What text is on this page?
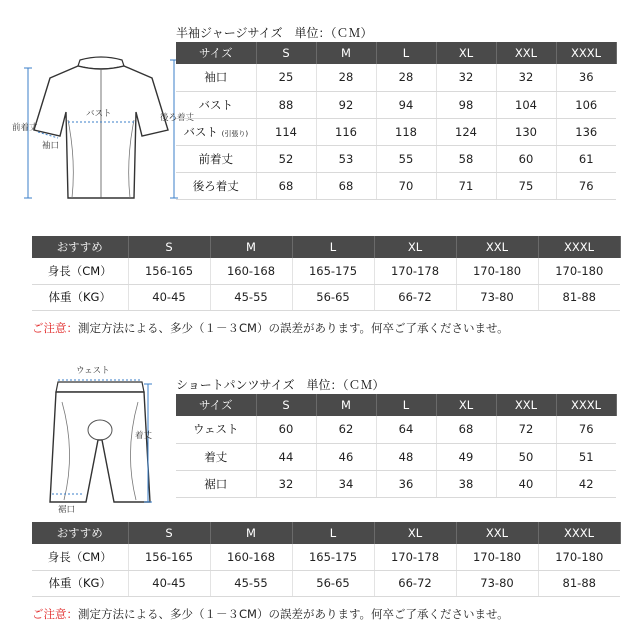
バスト
袖口
前着丈
後ろ着丈
半袖ジャージサイズ　単位：（ＣＭ）
サイズ	S	M	L	XL	XXL	XXXL
袖口	25	28	28	32	32	36
バスト	88	92	94	98	104	106
バスト (引張り)	114	116	118	124	130	136
前着丈	52	53	55	58	60	61
後ろ着丈	68	68	70	71	75	76
おすすめ	S	M	L	XL	XXL	XXXL
身長（CM）	156-165	160-168	165-175	170-178	170-180	170-180
体重（KG）	40-45	45-55	56-65	66-72	73-80	81-88
ご注意：測定方法による、多少（１－３CM）の誤差があります。何卒ご了承くださいませ。
ウェスト
着丈
裾口
ショートパンツサイズ　単位：（ＣＭ）
サイズ	S	M	L	XL	XXL	XXXL
ウェスト	60	62	64	68	72	76
着丈	44	46	48	49	50	51
裾口	32	34	36	38	40	42
おすすめ	S	M	L	XL	XXL	XXXL
身長（CM）	156-165	160-168	165-175	170-178	170-180	170-180
体重（KG）	40-45	45-55	56-65	66-72	73-80	81-88
ご注意：測定方法による、多少（１－３CM）の誤差があります。何卒ご了承くださいませ。
